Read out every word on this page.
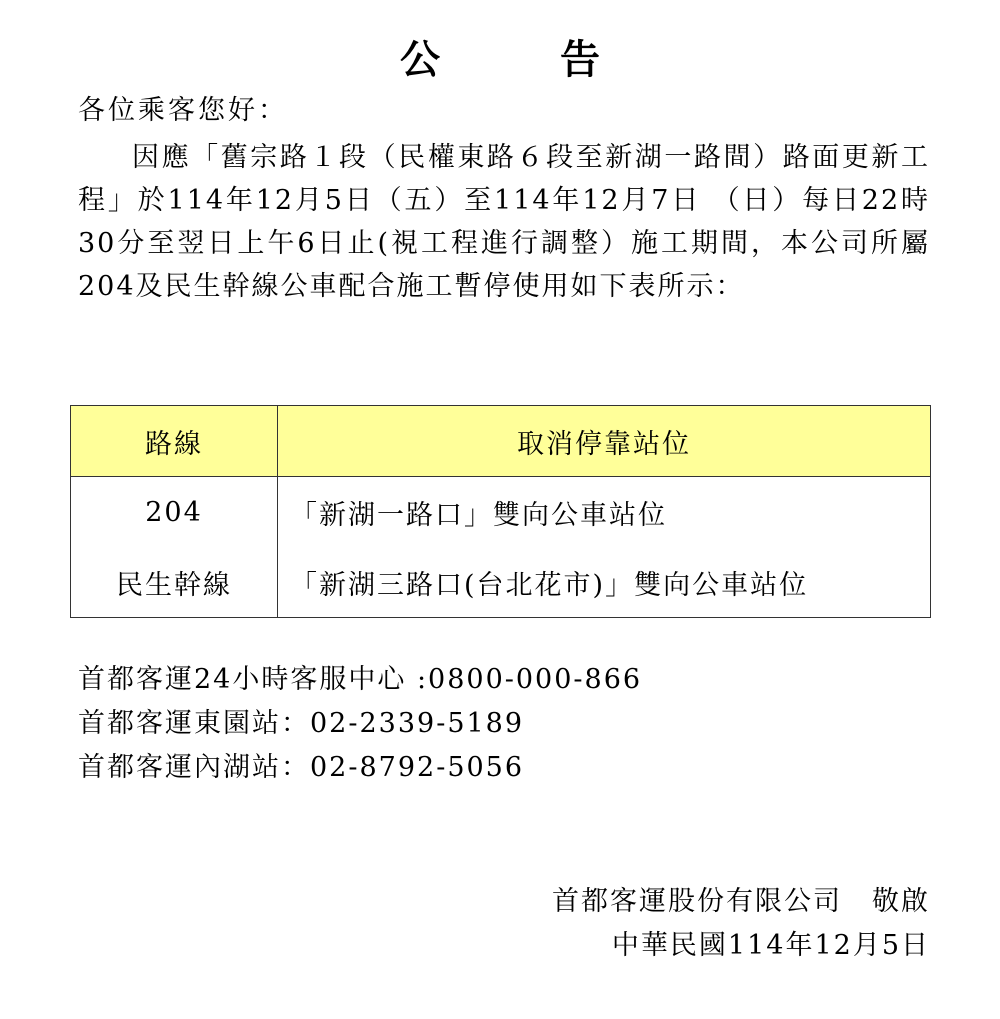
公　告
各位乘客您好：
因應「舊宗路１段（民權東路６段至新湖一路間）路面更新工程」於114年12月5日（五）至114年12月7日 （日）每日22時30分至翌日上午6日止(視工程進行調整）施工期間，本公司所屬204及民生幹線公車配合施工暫停使用如下表所示：
路線	取消停靠站位
204	「新湖一路口」雙向公車站位
民生幹線	「新湖三路口(台北花市)」雙向公車站位
首都客運24小時客服中心 :0800-000-866
首都客運東園站：02-2339-5189
首都客運內湖站：02-8792-5056
首都客運股份有限公司 敬啟
中華民國114年12月5日
